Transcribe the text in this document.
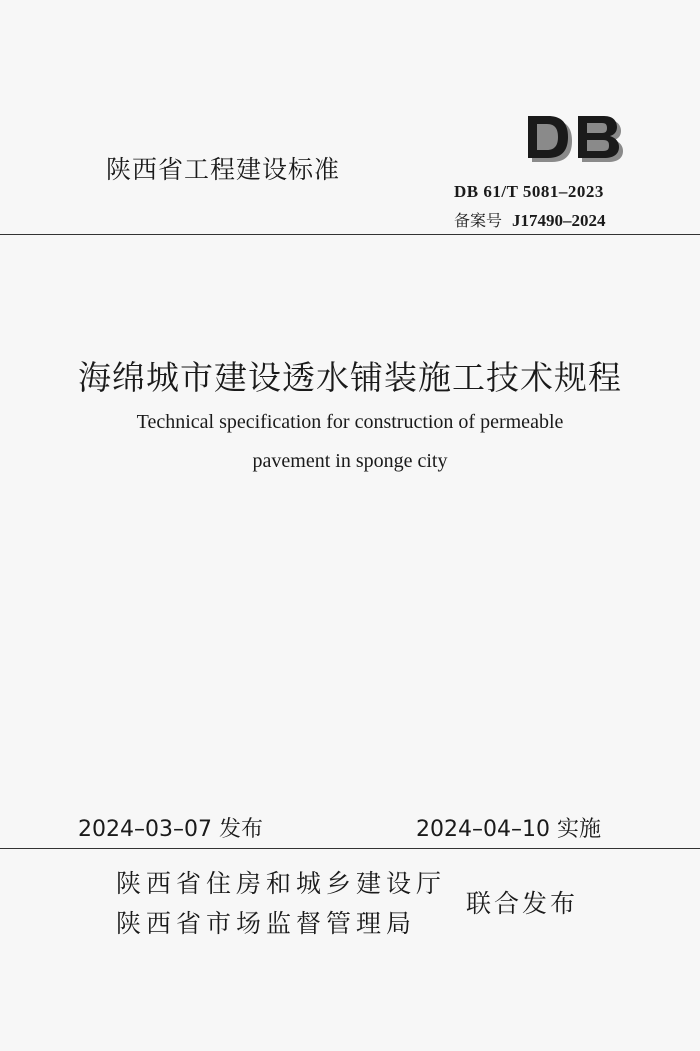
陕西省工程建设标准
DB 61/T 5081–2023
备案号 J17490–2024
海绵城市建设透水铺装施工技术规程
Technical specification for construction of permeable
pavement in sponge city
2024–03–07 发布	2024–04–10 实施
陕西省住房和城乡建设厅
陕西省市场监督管理局
联合发布
